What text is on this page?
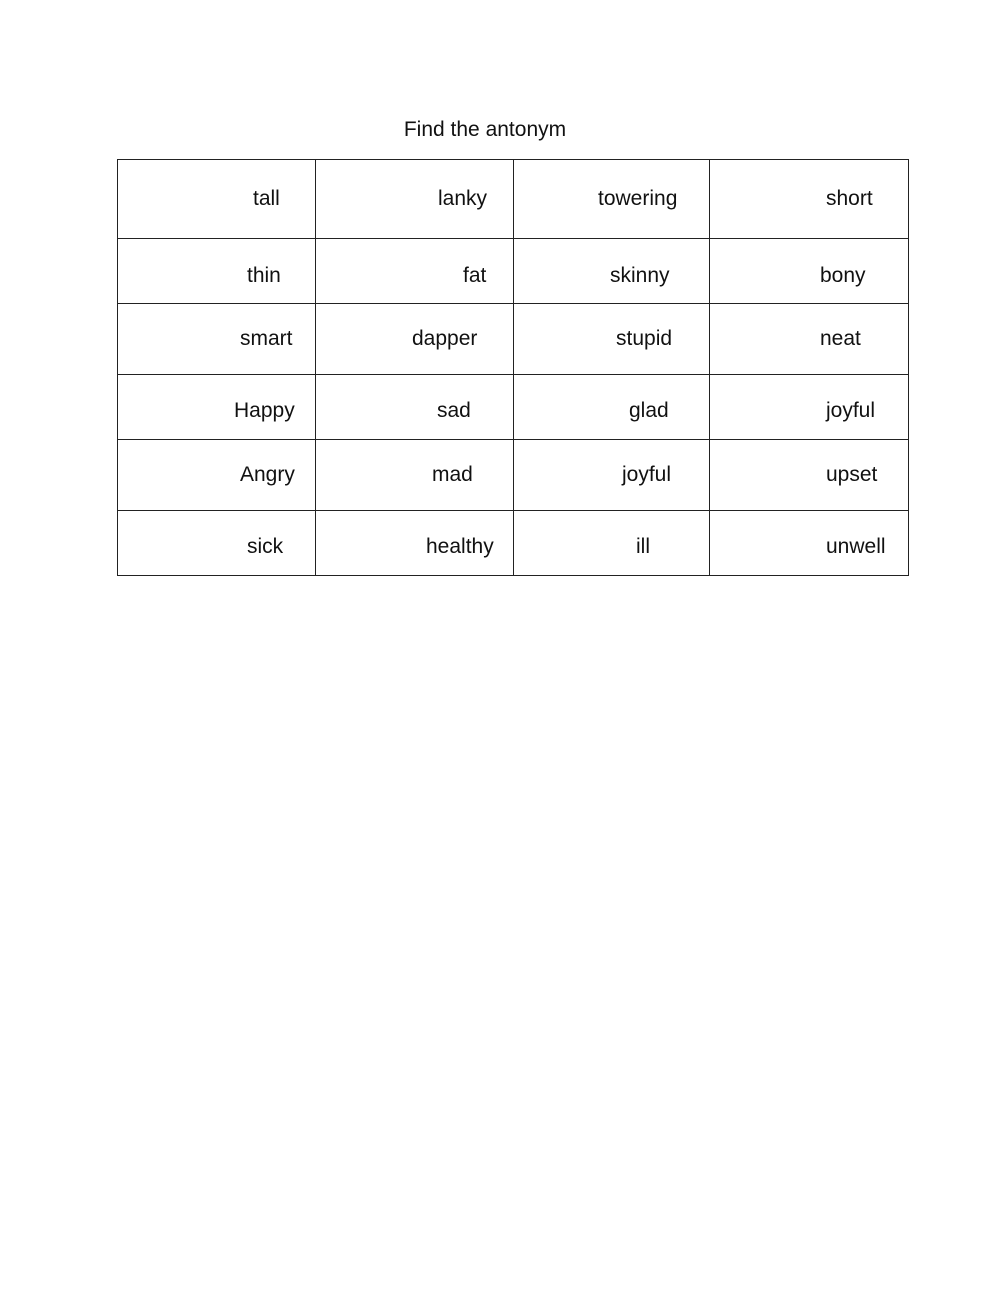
Find the antonym
tall	lanky	towering	short
thin	fat	skinny	bony
smart	dapper	stupid	neat
Happy	sad	glad	joyful
Angry	mad	joyful	upset
sick	healthy	ill	unwell
